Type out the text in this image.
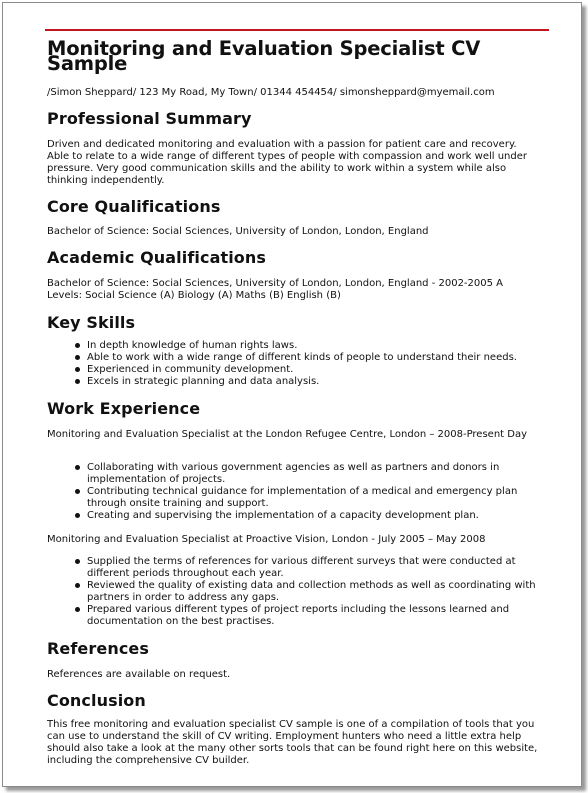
Monitoring and Evaluation Specialist CV Sample
/Simon Sheppard/ 123 My Road, My Town/ 01344 454454/ simonsheppard@myemail.com
Professional Summary
Driven and dedicated monitoring and evaluation with a passion for patient care and recovery. Able to relate to a wide range of different types of people with compassion and work well under pressure. Very good communication skills and the ability to work within a system while also thinking independently.
Core Qualifications
Bachelor of Science: Social Sciences, University of London, London, England
Academic Qualifications
Bachelor of Science: Social Sciences, University of London, London, England - 2002-2005 A Levels: Social Science (A) Biology (A) Maths (B) English (B)
Key Skills
In depth knowledge of human rights laws.
Able to work with a wide range of different kinds of people to understand their needs.
Experienced in community development.
Excels in strategic planning and data analysis.
Work Experience
Monitoring and Evaluation Specialist at the London Refugee Centre, London – 2008-Present Day
Collaborating with various government agencies as well as partners and donors in implementation of projects.
Contributing technical guidance for implementation of a medical and emergency plan through onsite training and support.
Creating and supervising the implementation of a capacity development plan.
Monitoring and Evaluation Specialist at Proactive Vision, London - July 2005 – May 2008
Supplied the terms of references for various different surveys that were conducted at different periods throughout each year.
Reviewed the quality of existing data and collection methods as well as coordinating with partners in order to address any gaps.
Prepared various different types of project reports including the lessons learned and documentation on the best practises.
References
References are available on request.
Conclusion
This free monitoring and evaluation specialist CV sample is one of a compilation of tools that you can use to understand the skill of CV writing. Employment hunters who need a little extra help should also take a look at the many other sorts tools that can be found right here on this website, including the comprehensive CV builder.
